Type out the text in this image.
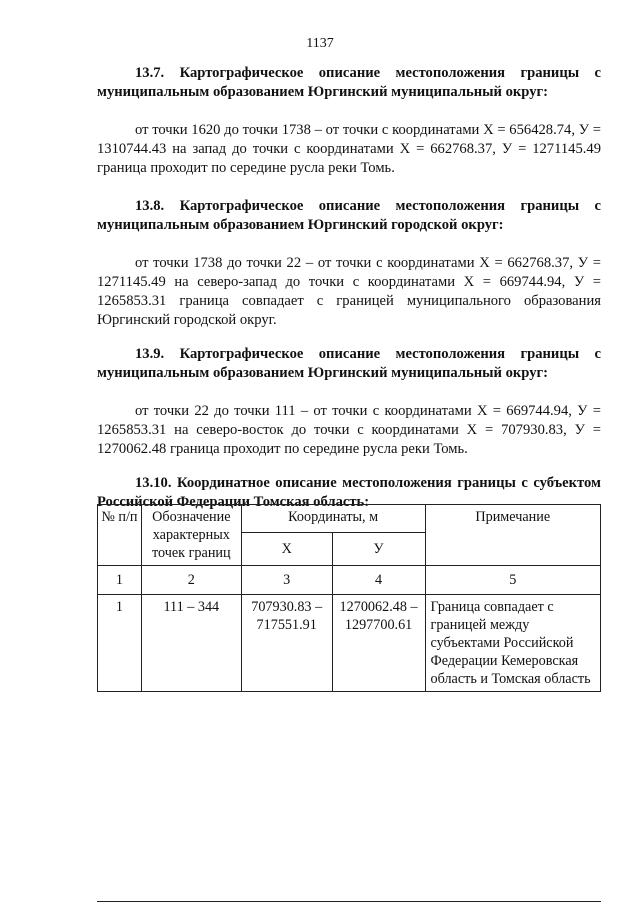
1137

13.7. Картографическое описание местоположения границы с муниципальным образованием Юргинский муниципальный округ:

от точки 1620 до точки 1738 – от точки с координатами Х = 656428.74, У = 1310744.43 на запад до точки с координатами Х = 662768.37, У = 1271145.49 граница проходит по середине русла реки Томь.

13.8. Картографическое описание местоположения границы с муниципальным образованием Юргинский городской округ:

от точки 1738 до точки 22 – от точки с координатами Х = 662768.37, У = 1271145.49 на северо-запад до точки с координатами Х = 669744.94, У = 1265853.31 граница совпадает с границей муниципального образования Юргинский городской округ.

13.9. Картографическое описание местоположения границы с муниципальным образованием Юргинский муниципальный округ:

от точки 22 до точки 111 – от точки с координатами Х = 669744.94, У = 1265853.31 на северо-восток до точки с координатами Х = 707930.83, У = 1270062.48 граница проходит по середине русла реки Томь.

13.10. Координатное описание местоположения границы с субъектом Российской Федерации Томская область:

№ п/п	Обозначение характерных точек границ	Координаты, м		Примечание
		Х	У	
1	2	3	4	5
1	111 – 344	707930.83 – 717551.91	1270062.48 – 1297700.61	Граница совпадает с границей между субъектами Российской Федерации Кемеровская область и Томская область
